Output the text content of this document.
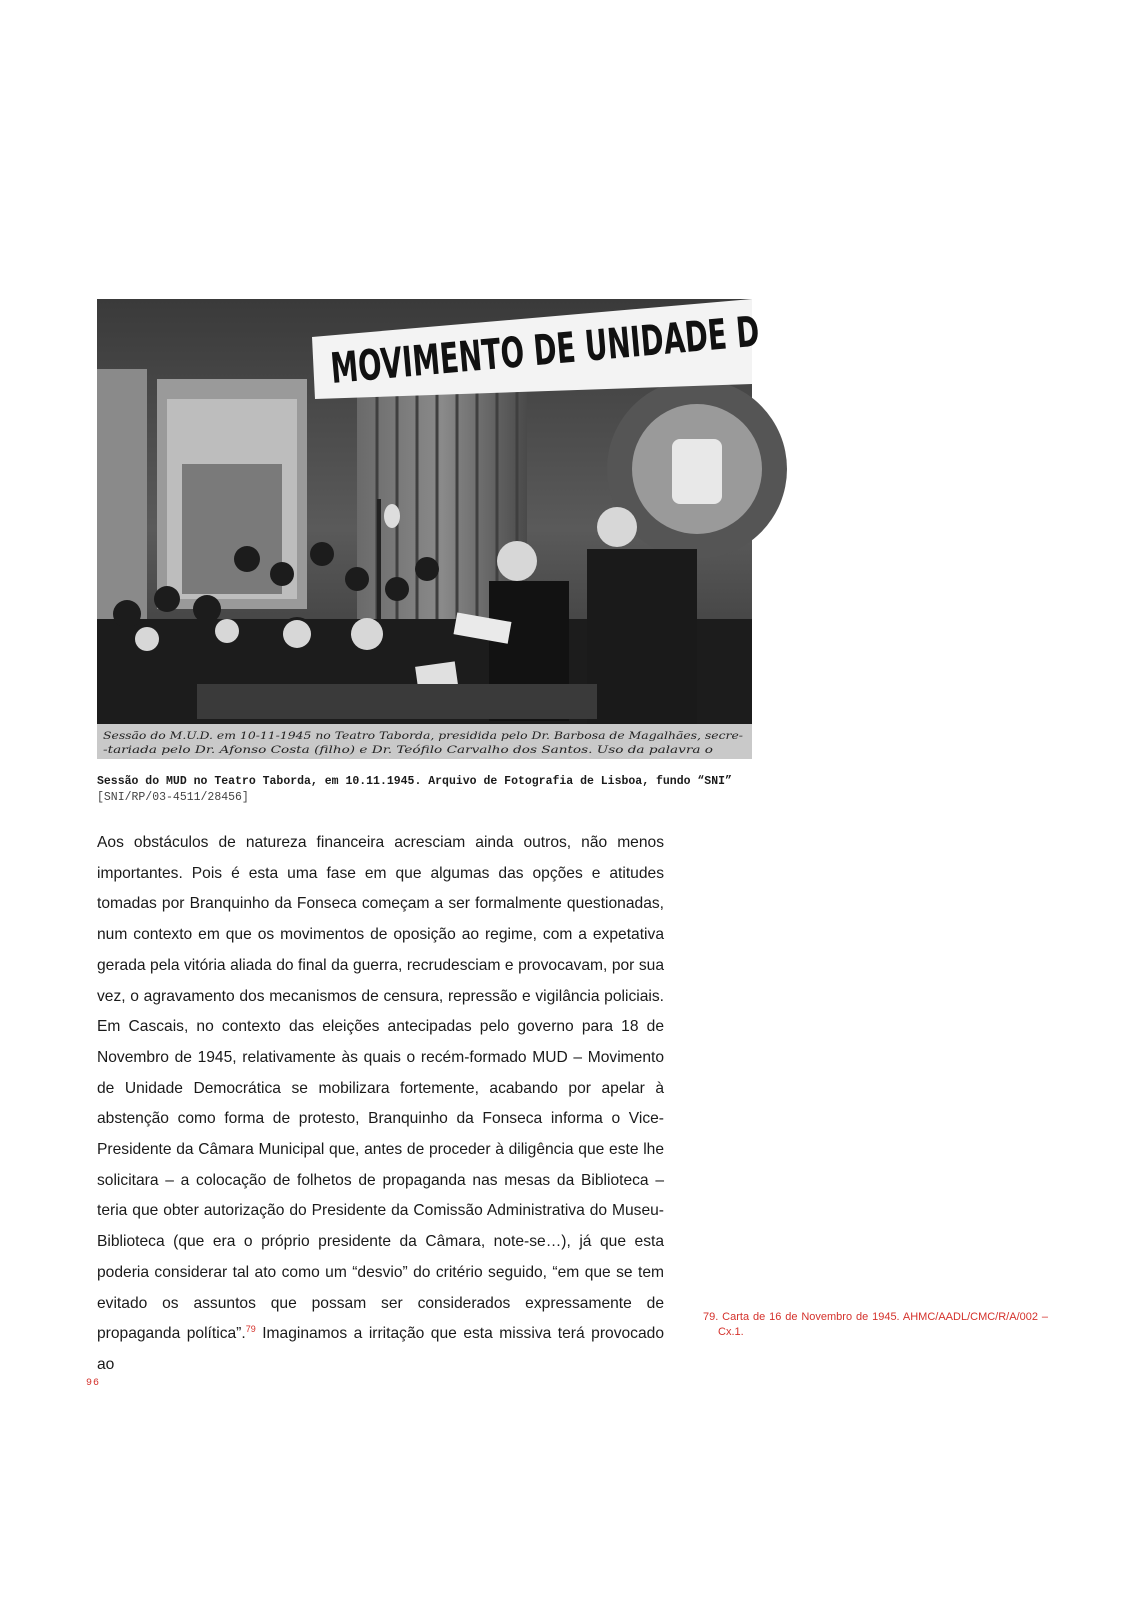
MOVIMENTO DE UNIDADE D
Sessão do M.U.D. em 10-11-1945 no Teatro Taborda, presidida pelo Dr. Barbosa de Magalhães, secre-
-tariada pelo Dr. Afonso Costa (filho) e Dr. Teófilo Carvalho dos Santos. Uso da palavra o
Sessão do MUD no Teatro Taborda, em 10.11.1945. Arquivo de Fotografia de Lisboa, fundo “SNI”
[SNI/RP/03-4511/28456]

Aos obstáculos de natureza financeira acresciam ainda outros, não menos importantes. Pois é esta uma fase em que algumas das opções e atitudes tomadas por Branquinho da Fonseca começam a ser formalmente questionadas, num contexto em que os movimentos de oposição ao regime, com a expetativa gerada pela vitória aliada do final da guerra, recrudesciam e provocavam, por sua vez, o agravamento dos mecanismos de censura, repressão e vigilância policiais. Em Cascais, no contexto das eleições antecipadas pelo governo para 18 de Novembro de 1945, relativamente às quais o recém-formado MUD – Movimento de Unidade Democrática se mobilizara fortemente, acabando por apelar à abstenção como forma de protesto, Branquinho da Fonseca informa o Vice-Presidente da Câmara Municipal que, antes de proceder à diligência que este lhe solicitara – a colocação de folhetos de propaganda nas mesas da Biblioteca – teria que obter autorização do Presidente da Comissão Administrativa do Museu-Biblioteca (que era o próprio presidente da Câmara, note-se…), já que esta poderia considerar tal ato como um “desvio” do critério seguido, “em que se tem evitado os assuntos que possam ser considerados expressamente de propaganda política”.$^{79}$ Imaginamos a irritação que esta missiva terá provocado ao

79. Carta de 16 de Novembro de 1945. AHMC/AADL/CMC/R/A/002 –Cx.1.
96
